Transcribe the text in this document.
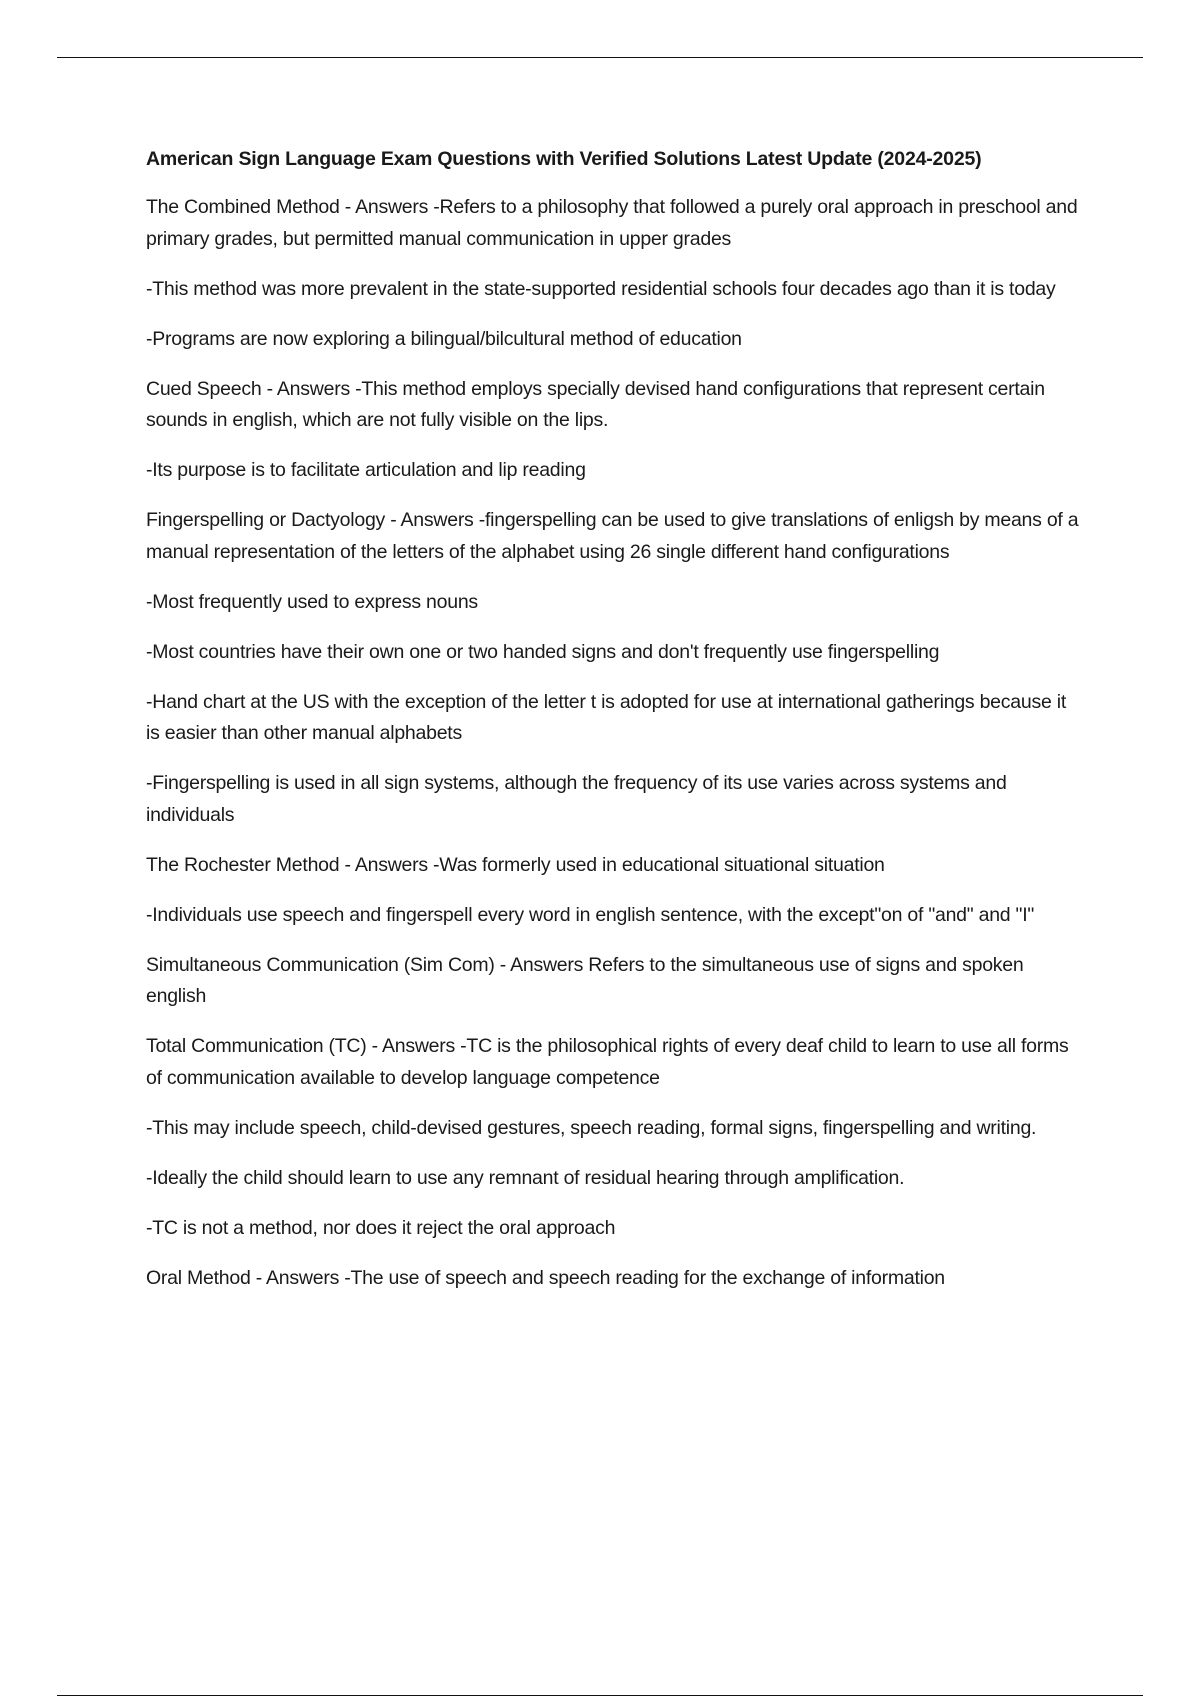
American Sign Language Exam Questions with Verified Solutions Latest Update (2024-2025)

The Combined Method - Answers -Refers to a philosophy that followed a purely oral approach in preschool and primary grades, but permitted manual communication in upper grades

-This method was more prevalent in the state-supported residential schools four decades ago than it is today

-Programs are now exploring a bilingual/bilcultural method of education

Cued Speech - Answers -This method employs specially devised hand configurations that represent certain sounds in english, which are not fully visible on the lips.

-Its purpose is to facilitate articulation and lip reading

Fingerspelling or Dactyology - Answers -fingerspelling can be used to give translations of enligsh by means of a manual representation of the letters of the alphabet using 26 single different hand configurations

-Most frequently used to express nouns

-Most countries have their own one or two handed signs and don't frequently use fingerspelling

-Hand chart at the US with the exception of the letter t is adopted for use at international gatherings because it is easier than other manual alphabets

-Fingerspelling is used in all sign systems, although the frequency of its use varies across systems and individuals

The Rochester Method - Answers -Was formerly used in educational situational situation

-Individuals use speech and fingerspell every word in english sentence, with the except"on of "and" and "I"

Simultaneous Communication (Sim Com) - Answers Refers to the simultaneous use of signs and spoken english

Total Communication (TC) - Answers -TC is the philosophical rights of every deaf child to learn to use all forms of communication available to develop language competence

-This may include speech, child-devised gestures, speech reading, formal signs, fingerspelling and writing.

-Ideally the child should learn to use any remnant of residual hearing through amplification.

-TC is not a method, nor does it reject the oral approach

Oral Method - Answers -The use of speech and speech reading for the exchange of information
